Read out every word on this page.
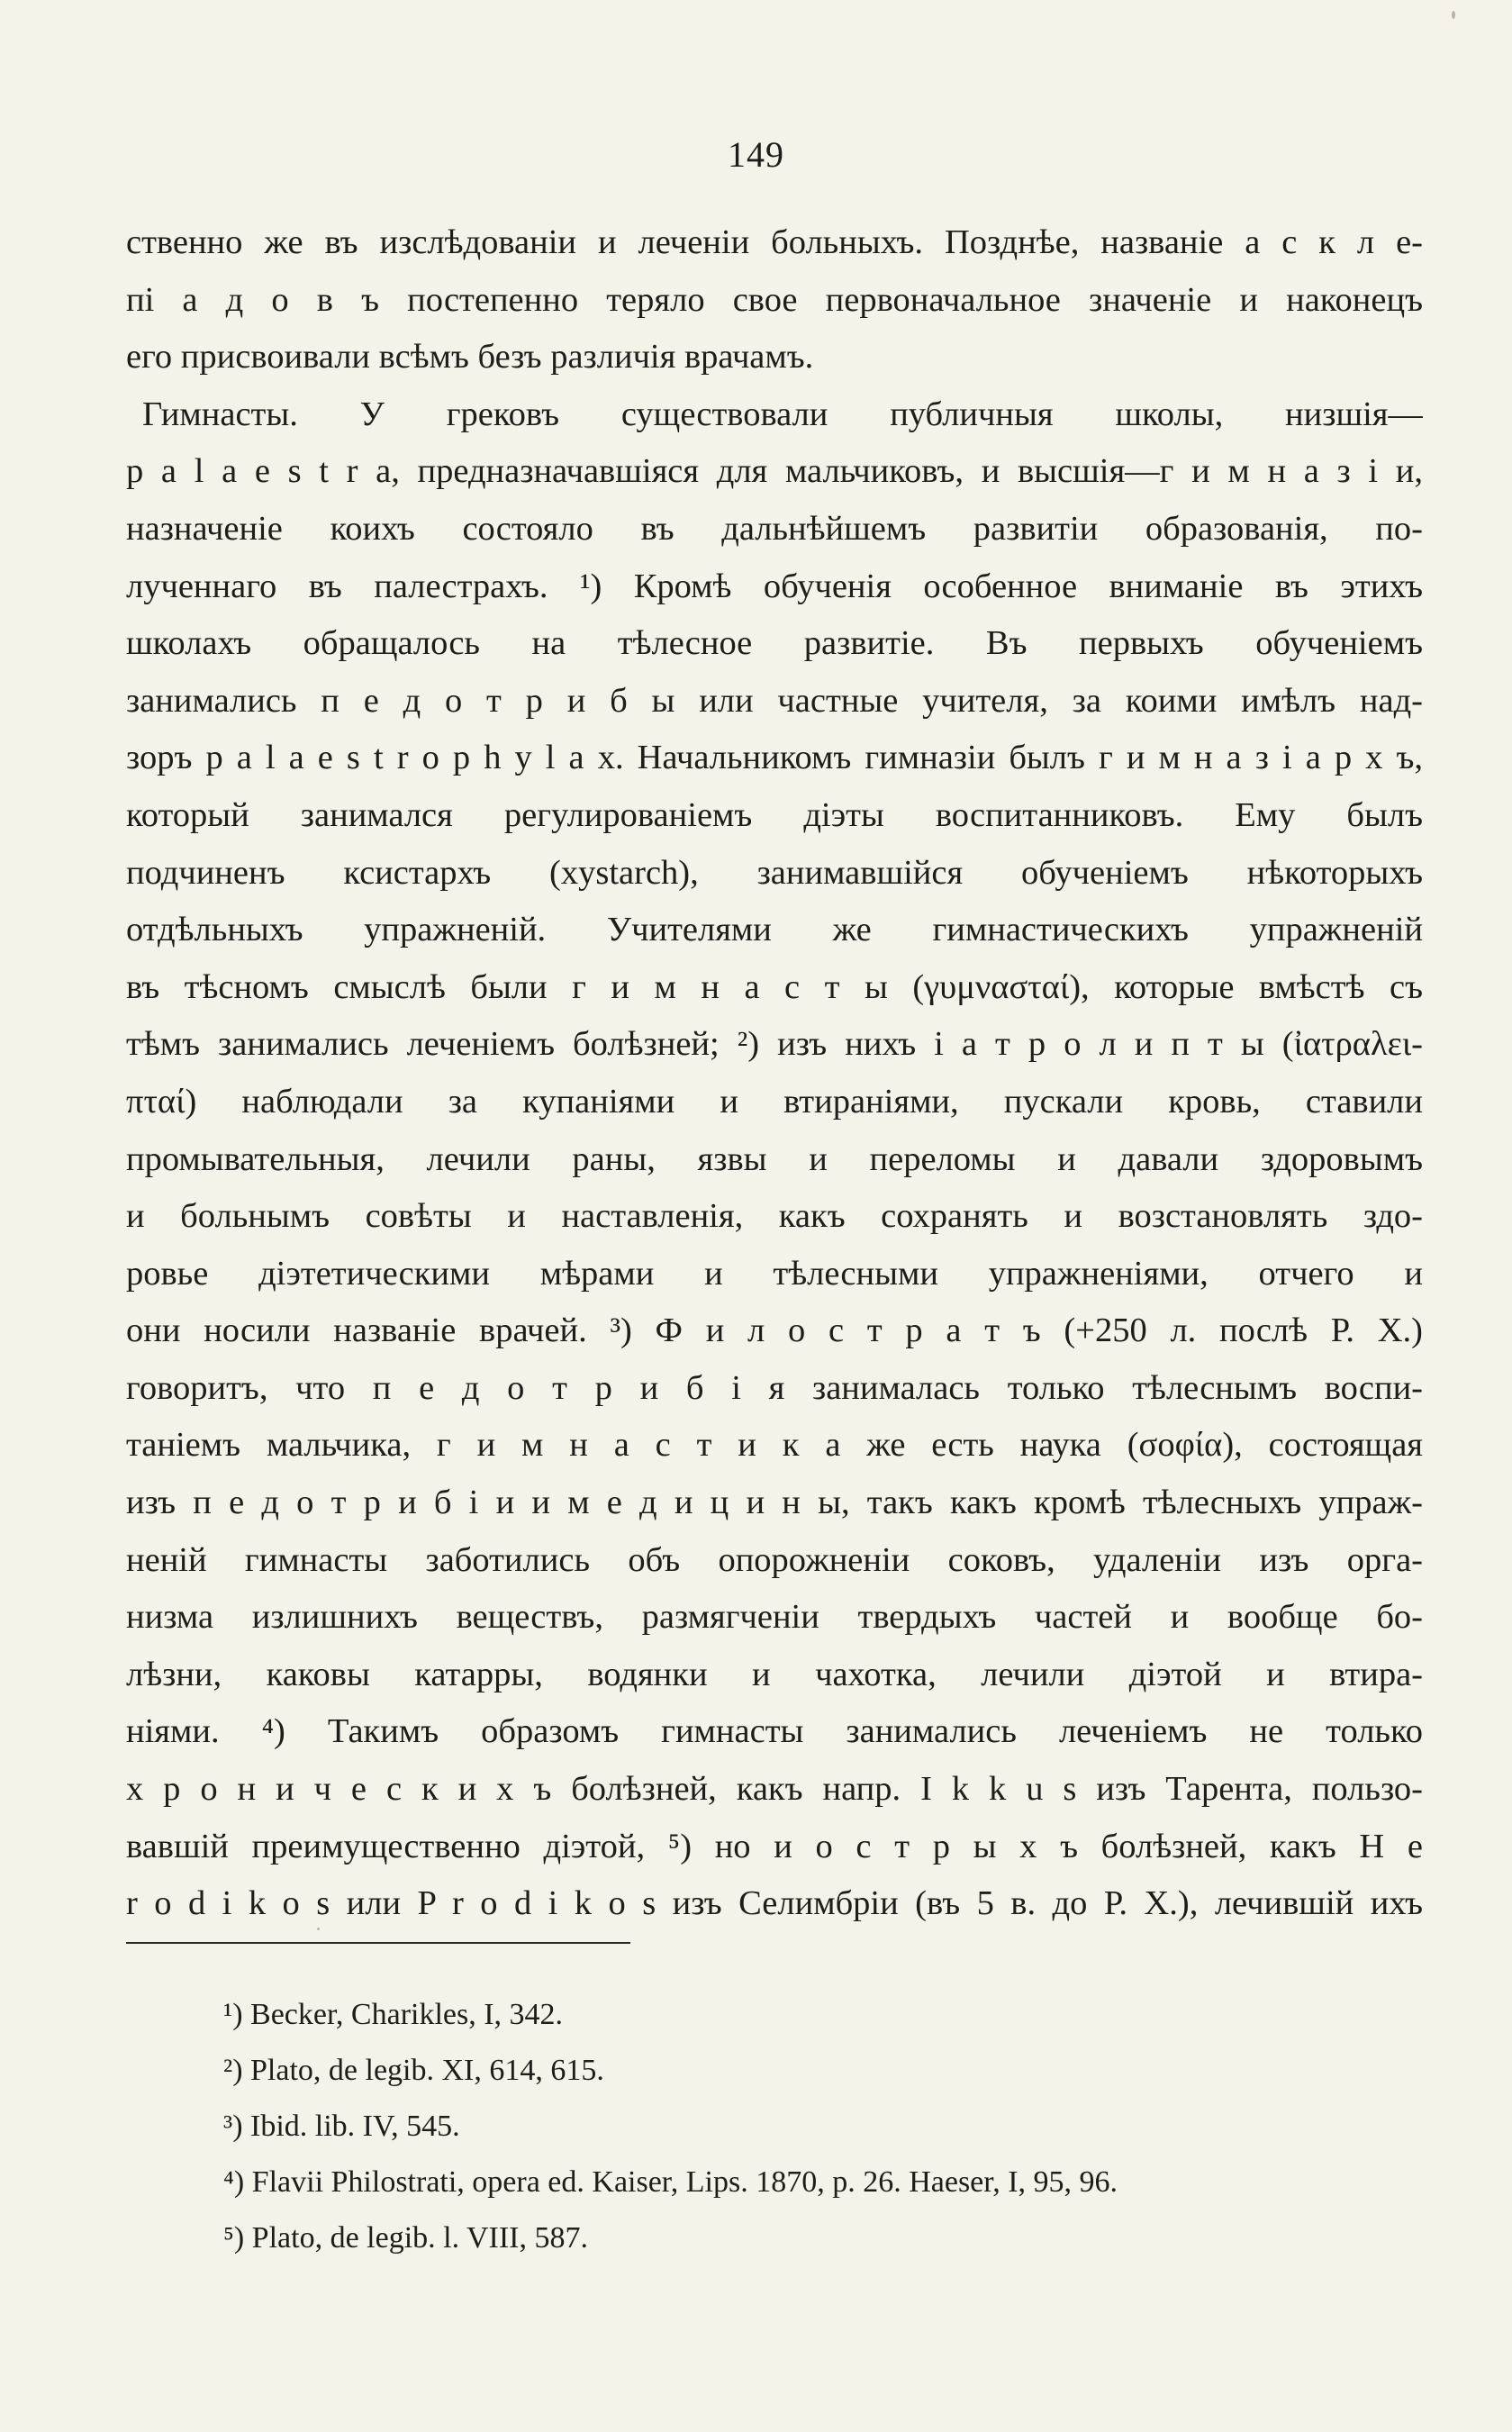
149
ственно же въ изслѣдованіи и леченіи больныхъ. Позднѣе, названіе а с к л е-
пі а д о в ъ постепенно теряло свое первоначальное значеніе и наконецъ
его присвоивали всѣмъ безъ различія врачамъ.
Гимнасты. У грековъ существовали публичныя школы, низшія—
p a l a e s t r a, предназначавшіяся для мальчиковъ, и высшія—г и м н а з і и,
назначеніе коихъ состояло въ дальнѣйшемъ развитіи образованія, по-
лученнаго въ палестрахъ. ¹) Кромѣ обученія особенное вниманіе въ этихъ
школахъ обращалось на тѣлесное развитіе. Въ первыхъ обученіемъ
занимались п е д о т р и б ы или частные учителя, за коими имѣлъ над-
зоръ p a l a e s t r o p h y l a x. Начальникомъ гимназіи былъ г и м н а з і а р х ъ,
который занимался регулированіемъ діэты воспитанниковъ. Ему былъ
подчиненъ ксистархъ (xystarch), занимавшійся обученіемъ нѣкоторыхъ
отдѣльныхъ упражненій. Учителями же гимнастическихъ упражненій
въ тѣсномъ смыслѣ были г и м н а с т ы (γυμνασταί), которые вмѣстѣ съ
тѣмъ занимались леченіемъ болѣзней; ²) изъ нихъ і а т р о л и п т ы (ἰατραλει-
πταί) наблюдали за купаніями и втираніями, пускали кровь, ставили
промывательныя, лечили раны, язвы и переломы и давали здоровымъ
и больнымъ совѣты и наставленія, какъ сохранять и возстановлять здо-
ровье діэтетическими мѣрами и тѣлесными упражненіями, отчего и
они носили названіе врачей. ³) Ф и л о с т р а т ъ (+250 л. послѣ Р. Х.)
говоритъ, что п е д о т р и б і я занималась только тѣлеснымъ воспи-
таніемъ мальчика, г и м н а с т и к а же есть наука (σοφία), состоящая
изъ п е д о т р и б і и и м е д и ц и н ы, такъ какъ кромѣ тѣлесныхъ упраж-
неній гимнасты заботились объ опорожненіи соковъ, удаленіи изъ орга-
низма излишнихъ веществъ, размягченіи твердыхъ частей и вообще бо-
лѣзни, каковы катарры, водянки и чахотка, лечили діэтой и втира-
ніями. ⁴) Такимъ образомъ гимнасты занимались леченіемъ не только
х р о н и ч е с к и х ъ болѣзней, какъ напр. I k k u s изъ Тарента, пользо-
вавшій преимущественно діэтой, ⁵) но и о с т р ы х ъ болѣзней, какъ H e
r o d i k o s или P r o d i k o s изъ Селимбріи (въ 5 в. до Р. Х.), лечившій ихъ
¹) Becker, Charikles, I, 342.
²) Plato, de legib. XI, 614, 615.
³) Ibid. lib. IV, 545.
⁴) Flavii Philostrati, opera ed. Kaiser, Lips. 1870, p. 26. Haeser, I, 95, 96.
⁵) Plato, de legib. l. VIII, 587.
